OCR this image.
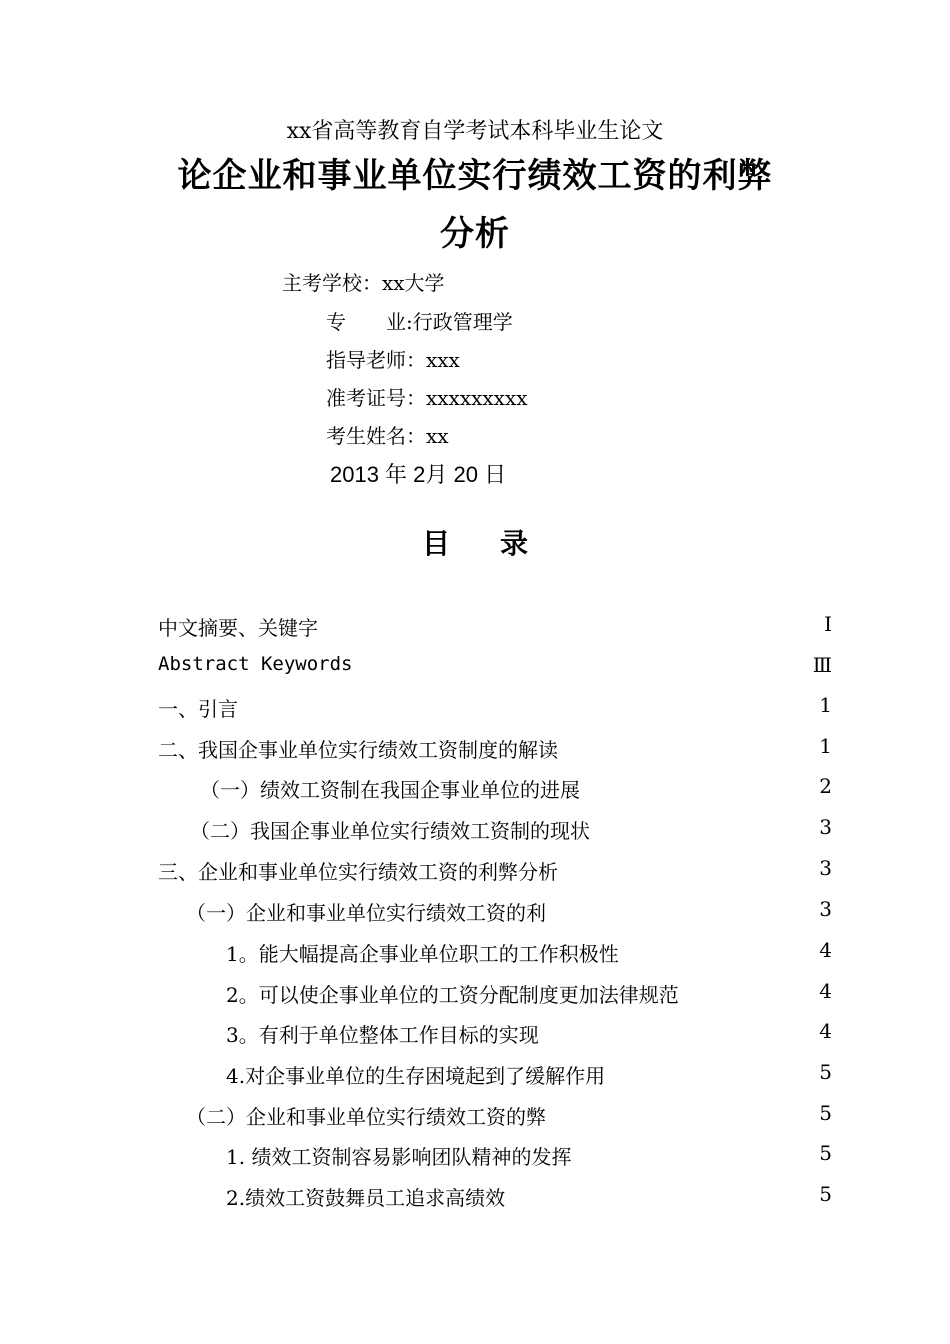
xx省高等教育自学考试本科毕业生论文
论企业和事业单位实行绩效工资的利弊
分析
主考学校：xx大学
专　　业:行政管理学
指导老师：xxx
准考证号：xxxxxxxxx
考生姓名：xx
2013 年 2月 20 日
目录
中文摘要、关键字	I
Abstract Keywords	Ⅲ
一、引言	1
二、我国企事业单位实行绩效工资制度的解读	1
（一）绩效工资制在我国企事业单位的进展	2
（二）我国企事业单位实行绩效工资制的现状	3
三、企业和事业单位实行绩效工资的利弊分析	3
（一）企业和事业单位实行绩效工资的利	3
1。能大幅提高企事业单位职工的工作积极性	4
2。可以使企事业单位的工资分配制度更加法律规范	4
3。有利于单位整体工作目标的实现	4
4.对企事业单位的生存困境起到了缓解作用	5
（二）企业和事业单位实行绩效工资的弊	5
1. 绩效工资制容易影响团队精神的发挥	5
2.绩效工资鼓舞员工追求高绩效	5
